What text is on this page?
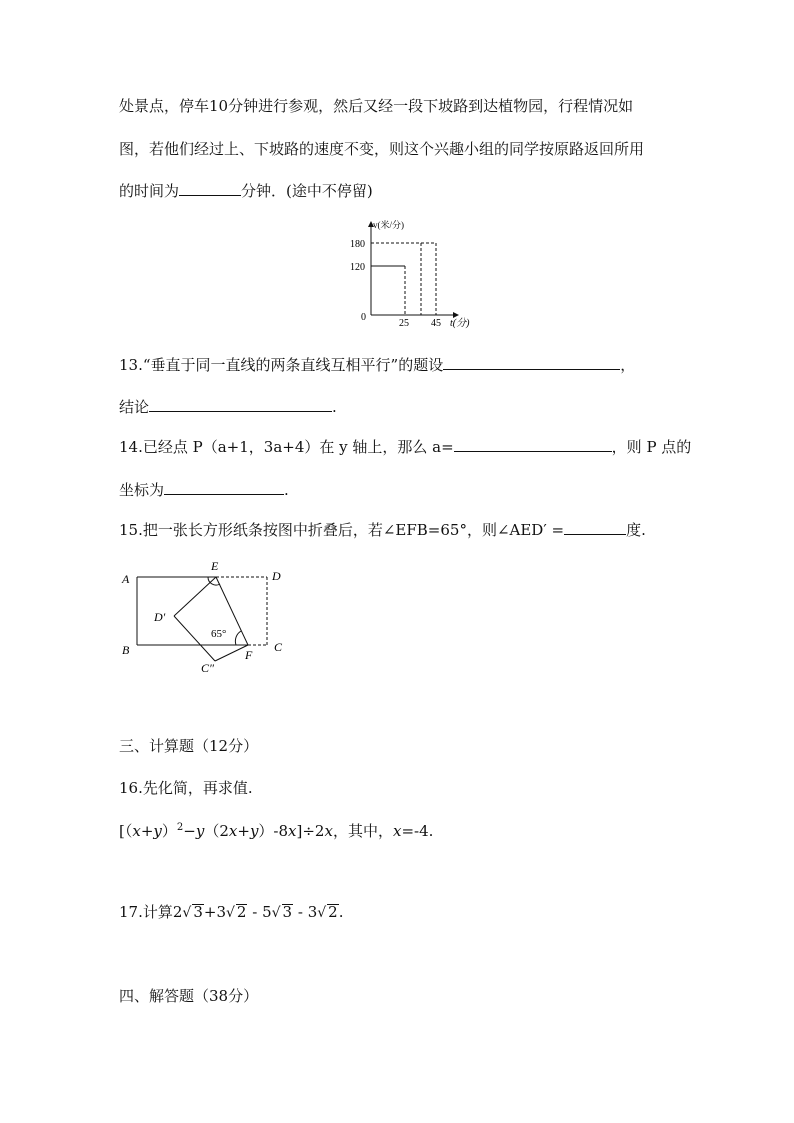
处景点，停车10分钟进行参观，然后又经一段下坡路到达植物园，行程情况如
图，若他们经过上、下坡路的速度不变，则这个兴趣小组的同学按原路返回所用
的时间为	分钟．(途中不停留)
v(米/分)
t(分)
180
120
0
25 45
13.“垂直于同一直线的两条直线互相平行”的题设	，
结论	.
14.已经点 P（a+1，3a+4）在 y 轴上，那么 a=	，则 P 点的
坐标为	.
15.把一张长方形纸条按图中折叠后，若∠EFB=65°，则∠AED′ =	度.
A
E
D
D′
65°
B	C
F
C″
三、计算题（12分）
16.先化简，再求值.
$[(x+y)^2-y(2x+y)-8x]\div 2x$，其中，x=-4.
17.计算2√ 3+3√ 2 - 5√ 3 - 3√ 2.
四、解答题（38分）
